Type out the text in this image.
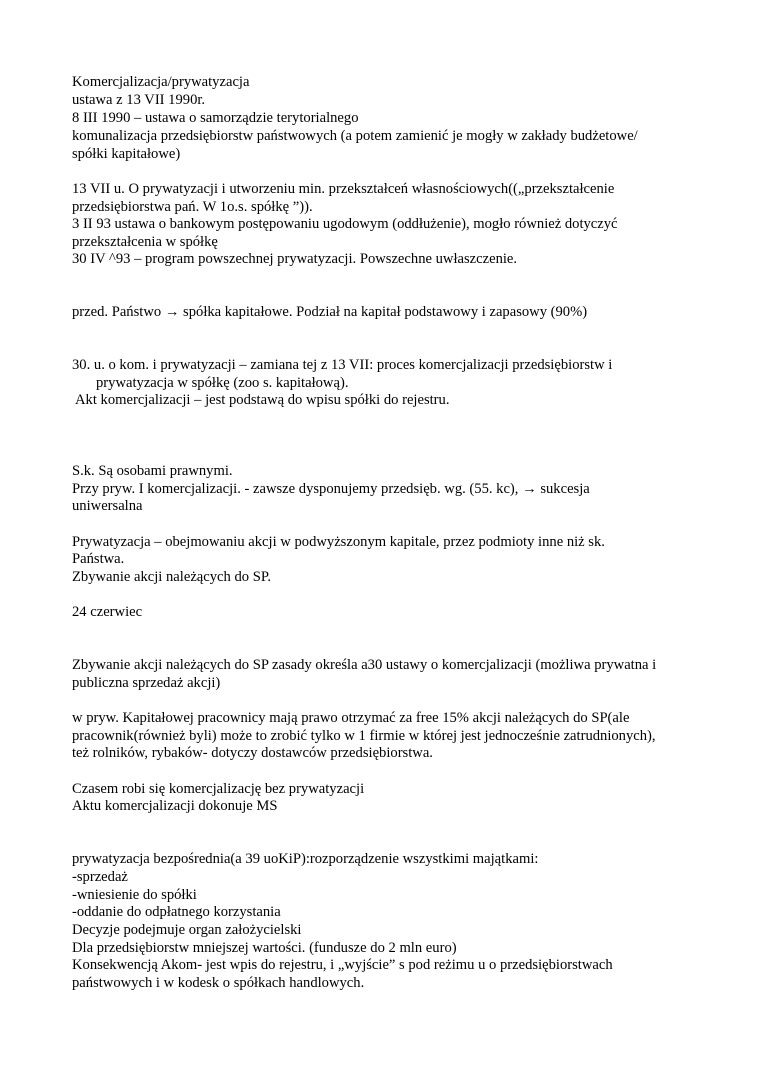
Komercjalizacja/prywatyzacja
ustawa z 13 VII 1990r.
8 III 1990 – ustawa o samorządzie terytorialnego
komunalizacja przedsiębiorstw państwowych (a potem zamienić je mogły w zakłady budżetowe/
spółki kapitałowe)
13 VII u. O prywatyzacji i utworzeniu min. przekształceń własnościowych((„przekształcenie
przedsiębiorstwa pań. W 1o.s. spółkę ”)).
3 II 93 ustawa o bankowym postępowaniu ugodowym (oddłużenie), mogło również dotyczyć
przekształcenia w spółkę
30 IV ^93 – program powszechnej prywatyzacji. Powszechne uwłaszczenie.
przed. Państwo → spółka kapitałowe. Podział na kapitał podstawowy i zapasowy (90%)
30. u. o kom. i prywatyzacji – zamiana tej z 13 VII: proces komercjalizacji przedsiębiorstw i
prywatyzacja w spółkę (zoo s. kapitałową).
Akt komercjalizacji – jest podstawą do wpisu spółki do rejestru.
S.k. Są osobami prawnymi.
Przy pryw. I komercjalizacji. - zawsze dysponujemy przedsięb. wg. (55. kc), → sukcesja
uniwersalna
Prywatyzacja – obejmowaniu akcji w podwyższonym kapitale, przez podmioty inne niż sk.
Państwa.
Zbywanie akcji należących do SP.
24 czerwiec
Zbywanie akcji należących do SP zasady określa a30 ustawy o komercjalizacji (możliwa prywatna i
publiczna sprzedaż akcji)
w pryw. Kapitałowej pracownicy mają prawo otrzymać za free 15% akcji należących do SP(ale
pracownik(również byli) może to zrobić tylko w 1 firmie w której jest jednocześnie zatrudnionych),
też rolników, rybaków- dotyczy dostawców przedsiębiorstwa.
Czasem robi się komercjalizację bez prywatyzacji
Aktu komercjalizacji dokonuje MS
prywatyzacja bezpośrednia(a 39 uoKiP):rozporządzenie wszystkimi majątkami:
-sprzedaż
-wniesienie do spółki
-oddanie do odpłatnego korzystania
Decyzje podejmuje organ założycielski
Dla przedsiębiorstw mniejszej wartości. (fundusze do 2 mln euro)
Konsekwencją Akom- jest wpis do rejestru, i „wyjście” s pod reżimu u o przedsiębiorstwach
państwowych i w kodesk o spółkach handlowych.
